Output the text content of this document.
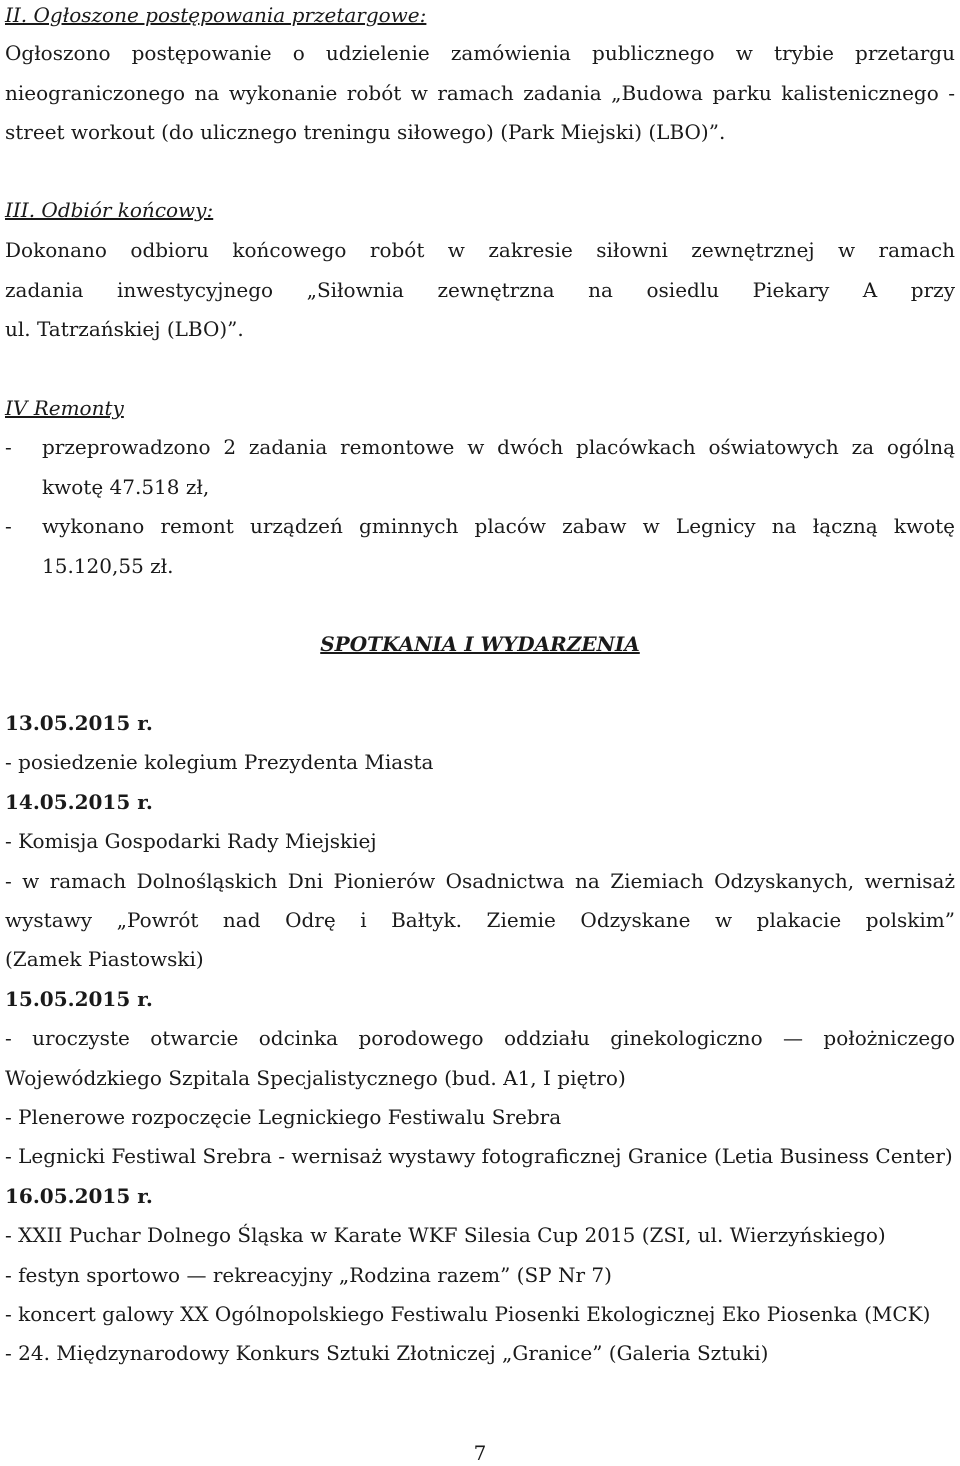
II. Ogłoszone postępowania przetargowe:
Ogłoszono postępowanie o udzielenie zamówienia publicznego w trybie przetargu
nieograniczonego na wykonanie robót w ramach zadania „Budowa parku kalistenicznego -
street workout (do ulicznego treningu siłowego) (Park Miejski) (LBO)”.
III. Odbiór końcowy:
Dokonano odbioru końcowego robót w zakresie siłowni zewnętrznej w ramach
zadania inwestycyjnego „Siłownia zewnętrzna na osiedlu Piekary A przy
ul. Tatrzańskiej (LBO)”.
IV Remonty
- przeprowadzono 2 zadania remontowe w dwóch placówkach oświatowych za ogólną
kwotę 47.518 zł,
- wykonano remont urządzeń gminnych placów zabaw w Legnicy na łączną kwotę
15.120,55 zł.
SPOTKANIA I WYDARZENIA
13.05.2015 r.
- posiedzenie kolegium Prezydenta Miasta
14.05.2015 r.
- Komisja Gospodarki Rady Miejskiej
- w ramach Dolnośląskich Dni Pionierów Osadnictwa na Ziemiach Odzyskanych, wernisaż
wystawy „Powrót nad Odrę i Bałtyk. Ziemie Odzyskane w plakacie polskim”
(Zamek Piastowski)
15.05.2015 r.
- uroczyste otwarcie odcinka porodowego oddziału ginekologiczno — położniczego
Wojewódzkiego Szpitala Specjalistycznego (bud. A1, I piętro)
- Plenerowe rozpoczęcie Legnickiego Festiwalu Srebra
- Legnicki Festiwal Srebra - wernisaż wystawy fotograficznej Granice (Letia Business Center)
16.05.2015 r.
- XXII Puchar Dolnego Śląska w Karate WKF Silesia Cup 2015 (ZSI, ul. Wierzyńskiego)
- festyn sportowo — rekreacyjny „Rodzina razem” (SP Nr 7)
- koncert galowy XX Ogólnopolskiego Festiwalu Piosenki Ekologicznej Eko Piosenka (MCK)
- 24. Międzynarodowy Konkurs Sztuki Złotniczej „Granice” (Galeria Sztuki)
7
